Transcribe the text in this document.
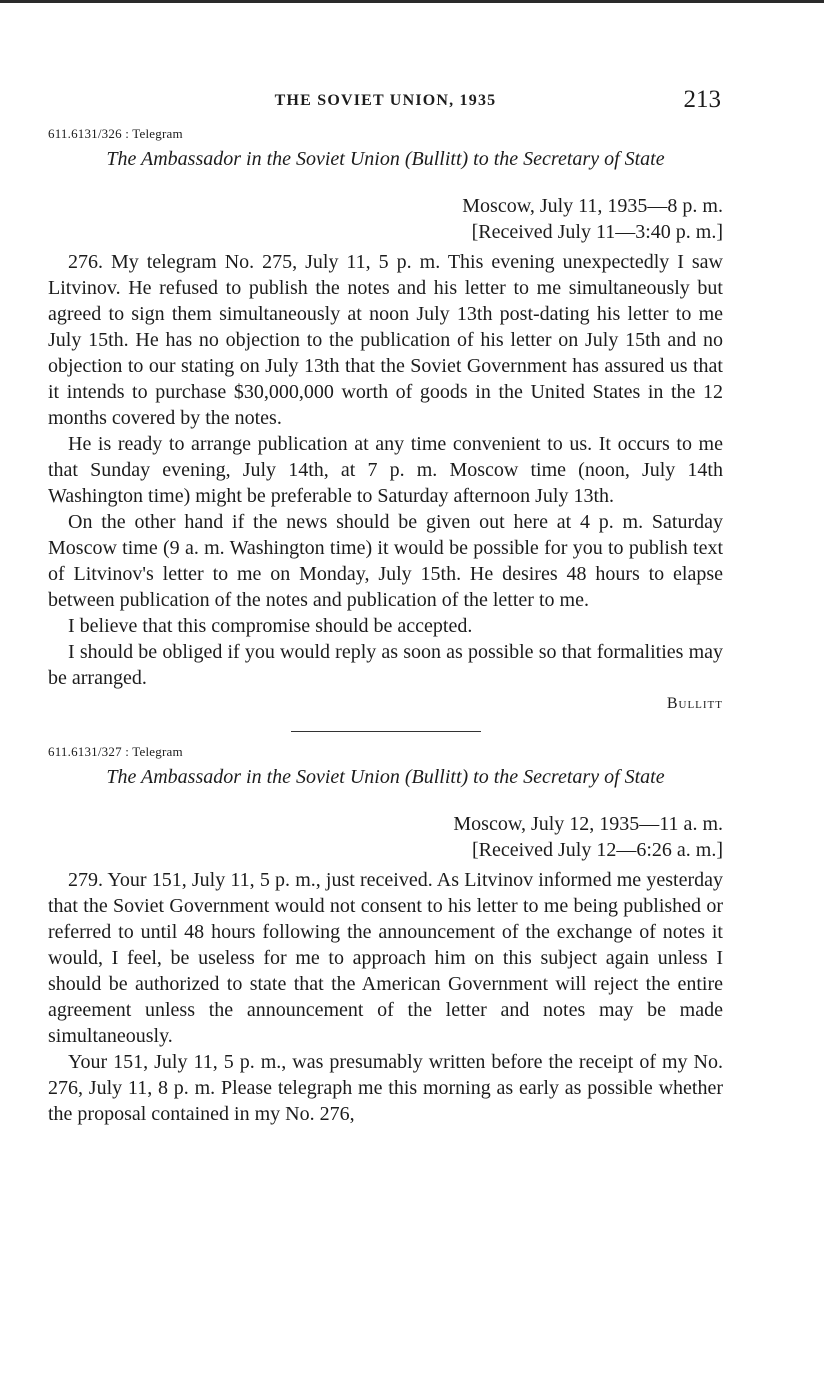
THE SOVIET UNION, 1935	213
611.6131/326 : Telegram
The Ambassador in the Soviet Union (Bullitt) to the Secretary of State
Moscow, July 11, 1935—8 p. m.
[Received July 11—3:40 p. m.]

276. My telegram No. 275, July 11, 5 p. m. This evening unexpectedly I saw Litvinov. He refused to publish the notes and his letter to me simultaneously but agreed to sign them simultaneously at noon July 13th post-dating his letter to me July 15th. He has no objection to the publication of his letter on July 15th and no objection to our stating on July 13th that the Soviet Government has assured us that it intends to purchase $30,000,000 worth of goods in the United States in the 12 months covered by the notes.

He is ready to arrange publication at any time convenient to us. It occurs to me that Sunday evening, July 14th, at 7 p. m. Moscow time (noon, July 14th Washington time) might be preferable to Saturday afternoon July 13th.

On the other hand if the news should be given out here at 4 p. m. Saturday Moscow time (9 a. m. Washington time) it would be possible for you to publish text of Litvinov's letter to me on Monday, July 15th. He desires 48 hours to elapse between publication of the notes and publication of the letter to me.

I believe that this compromise should be accepted.

I should be obliged if you would reply as soon as possible so that formalities may be arranged.

Bullitt
611.6131/327 : Telegram
The Ambassador in the Soviet Union (Bullitt) to the Secretary of State
Moscow, July 12, 1935—11 a. m.
[Received July 12—6:26 a. m.]

279. Your 151, July 11, 5 p. m., just received. As Litvinov informed me yesterday that the Soviet Government would not consent to his letter to me being published or referred to until 48 hours following the announcement of the exchange of notes it would, I feel, be useless for me to approach him on this subject again unless I should be authorized to state that the American Government will reject the entire agreement unless the announcement of the letter and notes may be made simultaneously.

Your 151, July 11, 5 p. m., was presumably written before the receipt of my No. 276, July 11, 8 p. m. Please telegraph me this morning as early as possible whether the proposal contained in my No. 276,
